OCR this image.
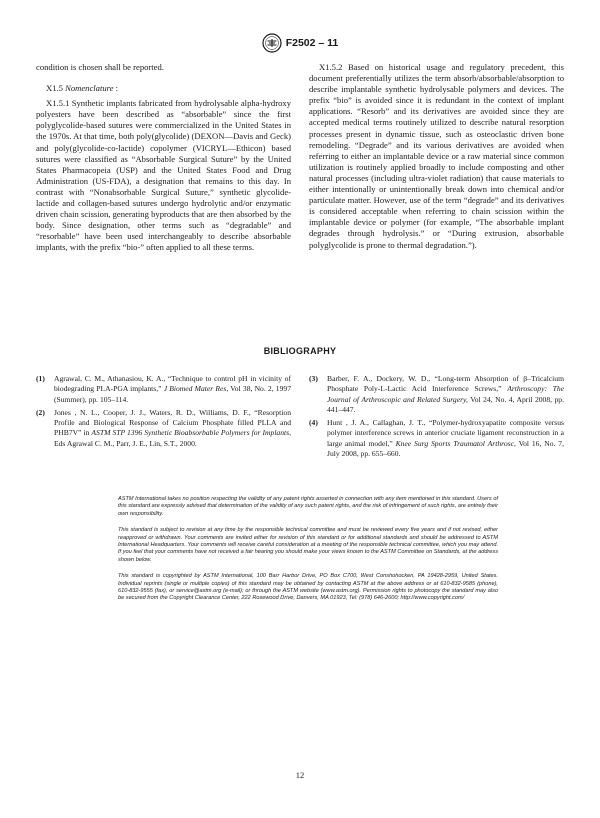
F2502 – 11

condition is chosen shall be reported.

X1.5 Nomenclature :

X1.5.1 Synthetic implants fabricated from hydrolysable alpha-hydroxy polyesters have been described as “absorbable” since the first polyglycolide-based sutures were commercialized in the United States in the 1970s. At that time, both poly(glycolide) (DEXON—Davis and Geck) and poly(glycolide-co-lactide) copolymer (VICRYL—Ethicon) based sutures were classified as “Absorbable Surgical Suture” by the United States Pharmacopeia (USP) and the United States Food and Drug Administration (US-FDA), a designation that remains to this day. In contrast with “Nonabsorbable Surgical Suture,” synthetic glycolide-lactide and collagen-based sutures undergo hydrolytic and/or enzymatic driven chain scission, generating byproducts that are then absorbed by the body. Since designation, other terms such as “degradable” and “resorbable” have been used interchangeably to describe absorbable implants, with the prefix “bio-” often applied to all these terms.

X1.5.2 Based on historical usage and regulatory precedent, this document preferentially utilizes the term absorb/absorbable/absorption to describe implantable synthetic hydrolysable polymers and devices. The prefix “bio” is avoided since it is redundant in the context of implant applications. “Resorb” and its derivatives are avoided since they are accepted medical terms routinely utilized to describe natural resorption processes present in dynamic tissue, such as osteoclastic driven bone remodeling. “Degrade” and its various derivatives are avoided when referring to either an implantable device or a raw material since common utilization is routinely applied broadly to include composting and other natural processes (including ultra-violet radiation) that cause materials to either intentionally or unintentionally break down into chemical and/or particulate matter. However, use of the term “degrade” and its derivatives is considered acceptable when referring to chain scission within the implantable device or polymer (for example, “The absorbable implant degrades through hydrolysis.” or “During extrusion, absorbable polyglycolide is prone to thermal degradation.”).

BIBLIOGRAPHY
(1)	Agrawal, C. M., Athanasiou, K. A., “Technique to control pH in vicinity of biodegrading PLA-PGA implants,” J Biomed Mater Res, Vol 38, No. 2, 1997 (Summer), pp. 105–114.
(2)	Jones , N. L., Cooper, J. J., Waters, R. D., Williams, D. F., “Resorption Profile and Biological Response of Calcium Phosphate filled PLLA and PHB7V” in ASTM STP 1396 Synthetic Bioabsorbable Polymers for Implants, Eds Agrawal C. M., Parr, J. E., Lin, S.T., 2000.
(3)	Barber, F. A., Dockery, W. D., “Long-term Absorption of β–Tricalcium Phosphate Poly-L-Lactic Acid Interference Screws,” Arthroscopy: The Journal of Arthroscopic and Related Surgery, Vol 24, No. 4, April 2008, pp. 441–447.
(4)	Hunt , J. A., Callaghan, J. T., “Polymer-hydroxyapatite composite versus polymer interference screws in anterior cruciate ligament reconstruction in a large animal model,” Knee Surg Sports Traumatol Arthrosc, Vol 16, No. 7, July 2008, pp. 655–660.

ASTM International takes no position respecting the validity of any patent rights asserted in connection with any item mentioned in this standard. Users of this standard are expressly advised that determination of the validity of any such patent rights, and the risk of infringement of such rights, are entirely their own responsibility.

This standard is subject to revision at any time by the responsible technical committee and must be reviewed every five years and if not revised, either reapproved or withdrawn. Your comments are invited either for revision of this standard or for additional standards and should be addressed to ASTM International Headquarters. Your comments will receive careful consideration at a meeting of the responsible technical committee, which you may attend. If you feel that your comments have not received a fair hearing you should make your views known to the ASTM Committee on Standards, at the address shown below.

This standard is copyrighted by ASTM International, 100 Barr Harbor Drive, PO Box C700, West Conshohocken, PA 19428-2959, United States. Individual reprints (single or multiple copies) of this standard may be obtained by contacting ASTM at the above address or at 610-832-9585 (phone), 610-832-9555 (fax), or service@astm.org (e-mail); or through the ASTM website (www.astm.org). Permission rights to photocopy the standard may also be secured from the Copyright Clearance Center, 222 Rosewood Drive, Danvers, MA 01923, Tel: (978) 646-2600; http://www.copyright.com/

12
